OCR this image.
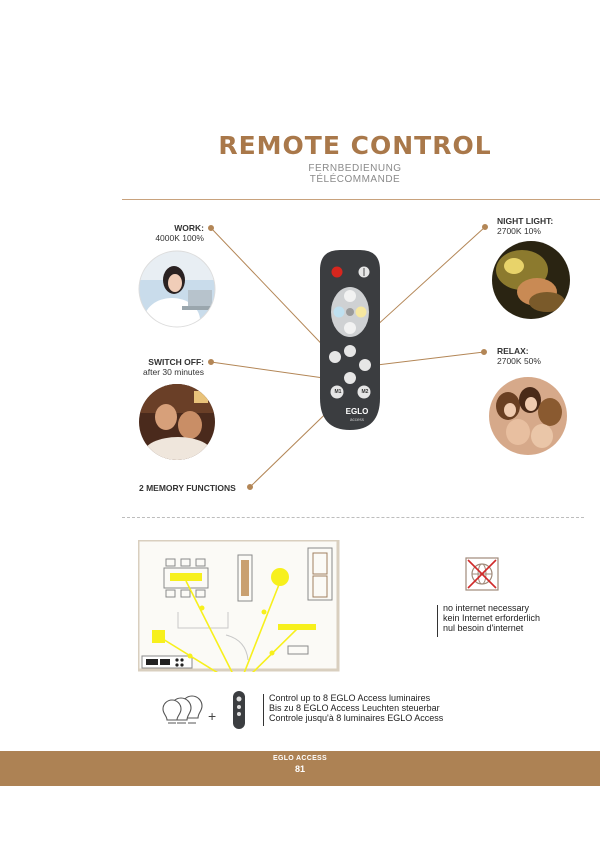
REMOTE CONTROL
FERNBEDIENUNG
TÉLÉCOMMANDE
WORK:
4000K 100%
NIGHT LIGHT:
2700K 10%
SWITCH OFF:
after 30 minutes
RELAX:
2700K 50%
2 MEMORY FUNCTIONS
M1	M2
EGLO
access
no internet necessary
kein Internet erforderlich
nul besoin d'internet
+
Control up to 8 EGLO Access luminaires
Bis zu 8 EGLO Access Leuchten steuerbar
Controle jusqu'à 8 luminaires EGLO Access
EGLO ACCESS
81
